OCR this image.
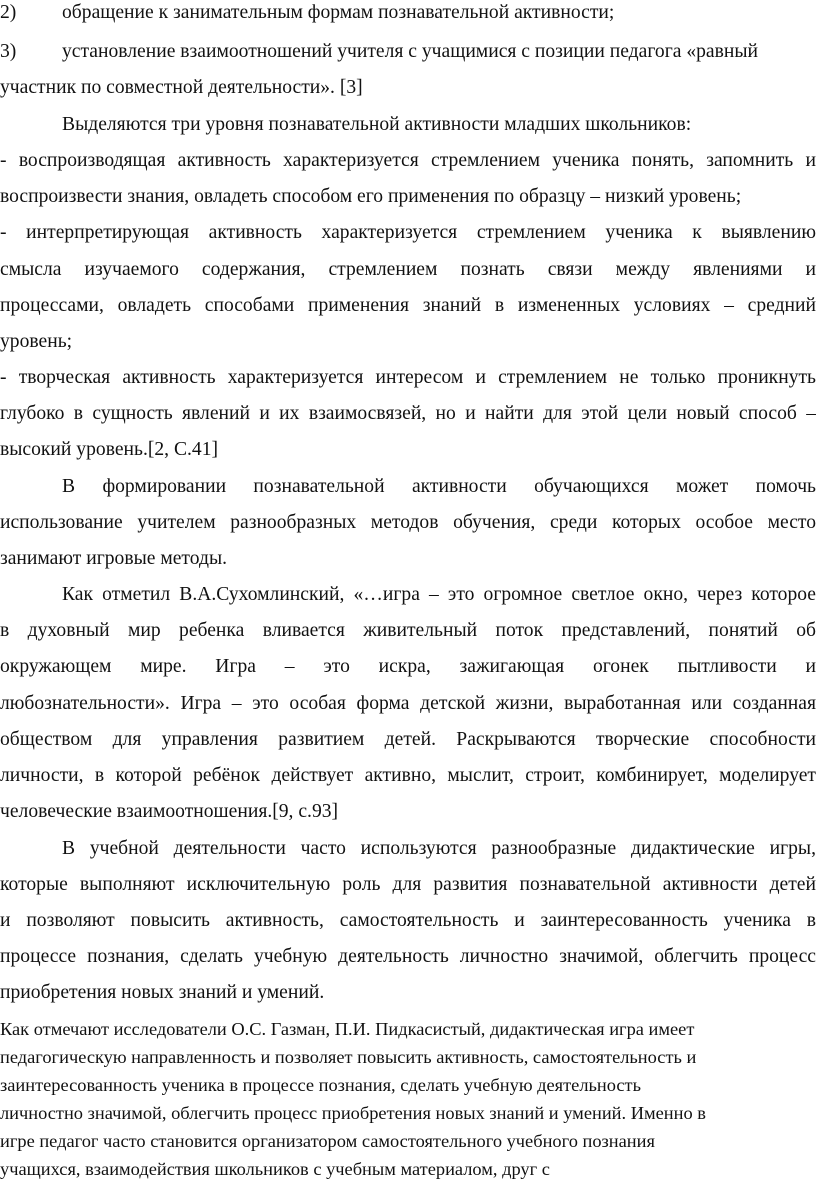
2) обращение к занимательным формам познавательной активности;
3) установление взаимоотношений учителя с учащимися с позиции педагога «равный
участник по совместной деятельности». [3]
Выделяются три уровня познавательной активности младших школьников:
- воспроизводящая активность характеризуется стремлением ученика понять, запомнить и
воспроизвести знания, овладеть способом его применения по образцу – низкий уровень;
- интерпретирующая активность характеризуется стремлением ученика к выявлению
смысла изучаемого содержания, стремлением познать связи между явлениями и
процессами, овладеть способами применения знаний в измененных условиях – средний
уровень;
- творческая активность характеризуется интересом и стремлением не только проникнуть
глубоко в сущность явлений и их взаимосвязей, но и найти для этой цели новый способ –
высокий уровень.[2, С.41]
В формировании познавательной активности обучающихся может помочь
использование учителем разнообразных методов обучения, среди которых особое место
занимают игровые методы.
Как отметил В.А.Сухомлинский, «…игра – это огромное светлое окно, через которое
в духовный мир ребенка вливается живительный поток представлений, понятий об
окружающем мире. Игра – это искра, зажигающая огонек пытливости и
любознательности». Игра – это особая форма детской жизни, выработанная или созданная
обществом для управления развитием детей. Раскрываются творческие способности
личности, в которой ребёнок действует активно, мыслит, строит, комбинирует, моделирует
человеческие взаимоотношения.[9, с.93]
В учебной деятельности часто используются разнообразные дидактические игры,
которые выполняют исключительную роль для развития познавательной активности детей
и позволяют повысить активность, самостоятельность и заинтересованность ученика в
процессе познания, сделать учебную деятельность личностно значимой, облегчить процесс
приобретения новых знаний и умений.
Как отмечают исследователи О.С. Газман, П.И. Пидкасистый, дидактическая игра имеет
педагогическую направленность и позволяет повысить активность, самостоятельность и
заинтересованность ученика в процессе познания, сделать учебную деятельность
личностно значимой, облегчить процесс приобретения новых знаний и умений. Именно в
игре педагог часто становится организатором самостоятельного учебного познания
учащихся, взаимодействия школьников с учебным материалом, друг с
